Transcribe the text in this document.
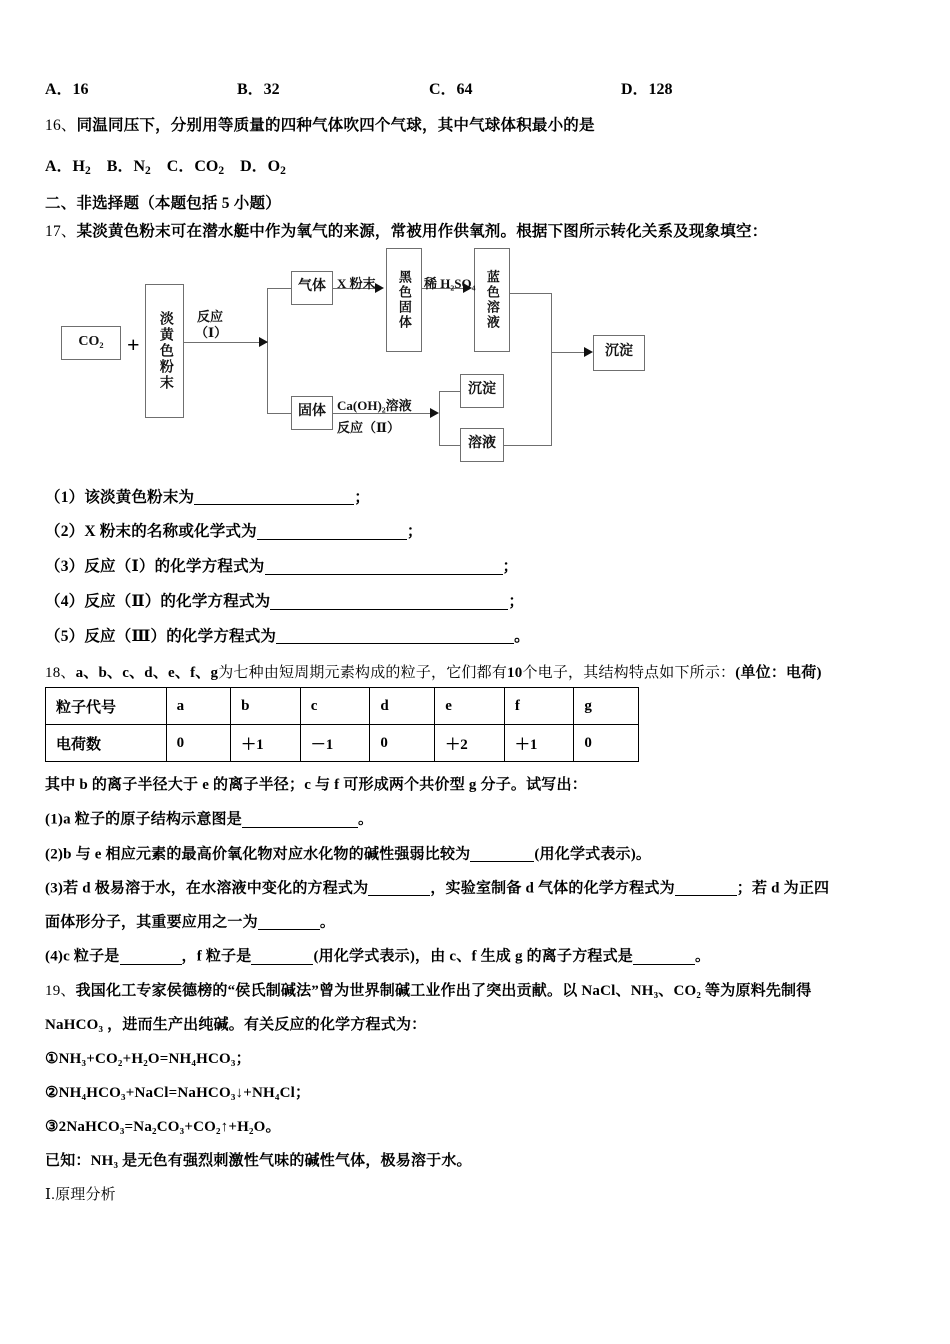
A．16	B．32	C．64	D．128
16、同温同压下，分别用等质量的四种气体吹四个气球，其中气球体积最小的是
A．$H_2$ B．$N_2$ C．$CO_2$ D．$O_2$
二、非选择题（本题包括 5 小题）
17、某淡黄色粉末可在潜水艇中作为氧气的来源，常被用作供氧剂。根据下图所示转化关系及现象填空：
CO₂ + 淡黄色粉末 反应
（Ⅰ）
气体
固体
X 粉末 黑色固体 稀 H₂SO₄ 蓝色溶液
Ca(OH)₂溶液
反应（Ⅱ）
沉淀
溶液
沉淀
（1）该淡黄色粉末为	；
（2）X 粉末的名称或化学式为	；
（3）反应（Ⅰ）的化学方程式为	；
（4）反应（Ⅱ）的化学方程式为	；
（5）反应（Ⅲ）的化学方程式为	。
18、a、b、c、d、e、f、g为七种由短周期元素构成的粒子，它们都有10个电子，其结构特点如下所示：(单位：电荷)
粒子代号	a	b	c	d	e	f	g
电荷数	0	＋1	－1	0	＋2	＋1	0
其中 b 的离子半径大于 e 的离子半径；c 与 f 可形成两个共价型 g 分子。试写出：
(1)a 粒子的原子结构示意图是	。
(2)b 与 e 相应元素的最高价氧化物对应水化物的碱性强弱比较为	(用化学式表示)。
(3)若 d 极易溶于水，在水溶液中变化的方程式为	，实验室制备 d 气体的化学方程式为	；若 d 为正四
面体形分子，其重要应用之一为	。
(4)c 粒子是	，f 粒子是	(用化学式表示)，由 c、f 生成 g 的离子方程式是	。
19、我国化工专家侯德榜的“侯氏制碱法”曾为世界制碱工业作出了突出贡献。以 NaCl、NH₃、CO₂ 等为原料先制得
NaHCO₃ ，进而生产出纯碱。有关反应的化学方程式为：
①NH₃+CO₂+H₂O=NH₄HCO₃；
②NH₄HCO₃+NaCl=NaHCO₃↓+NH₄Cl；
③2NaHCO₃=Na₂CO₃+CO₂↑+H₂O。
已知：NH₃ 是无色有强烈刺激性气味的碱性气体，极易溶于水。
Ⅰ.原理分析
